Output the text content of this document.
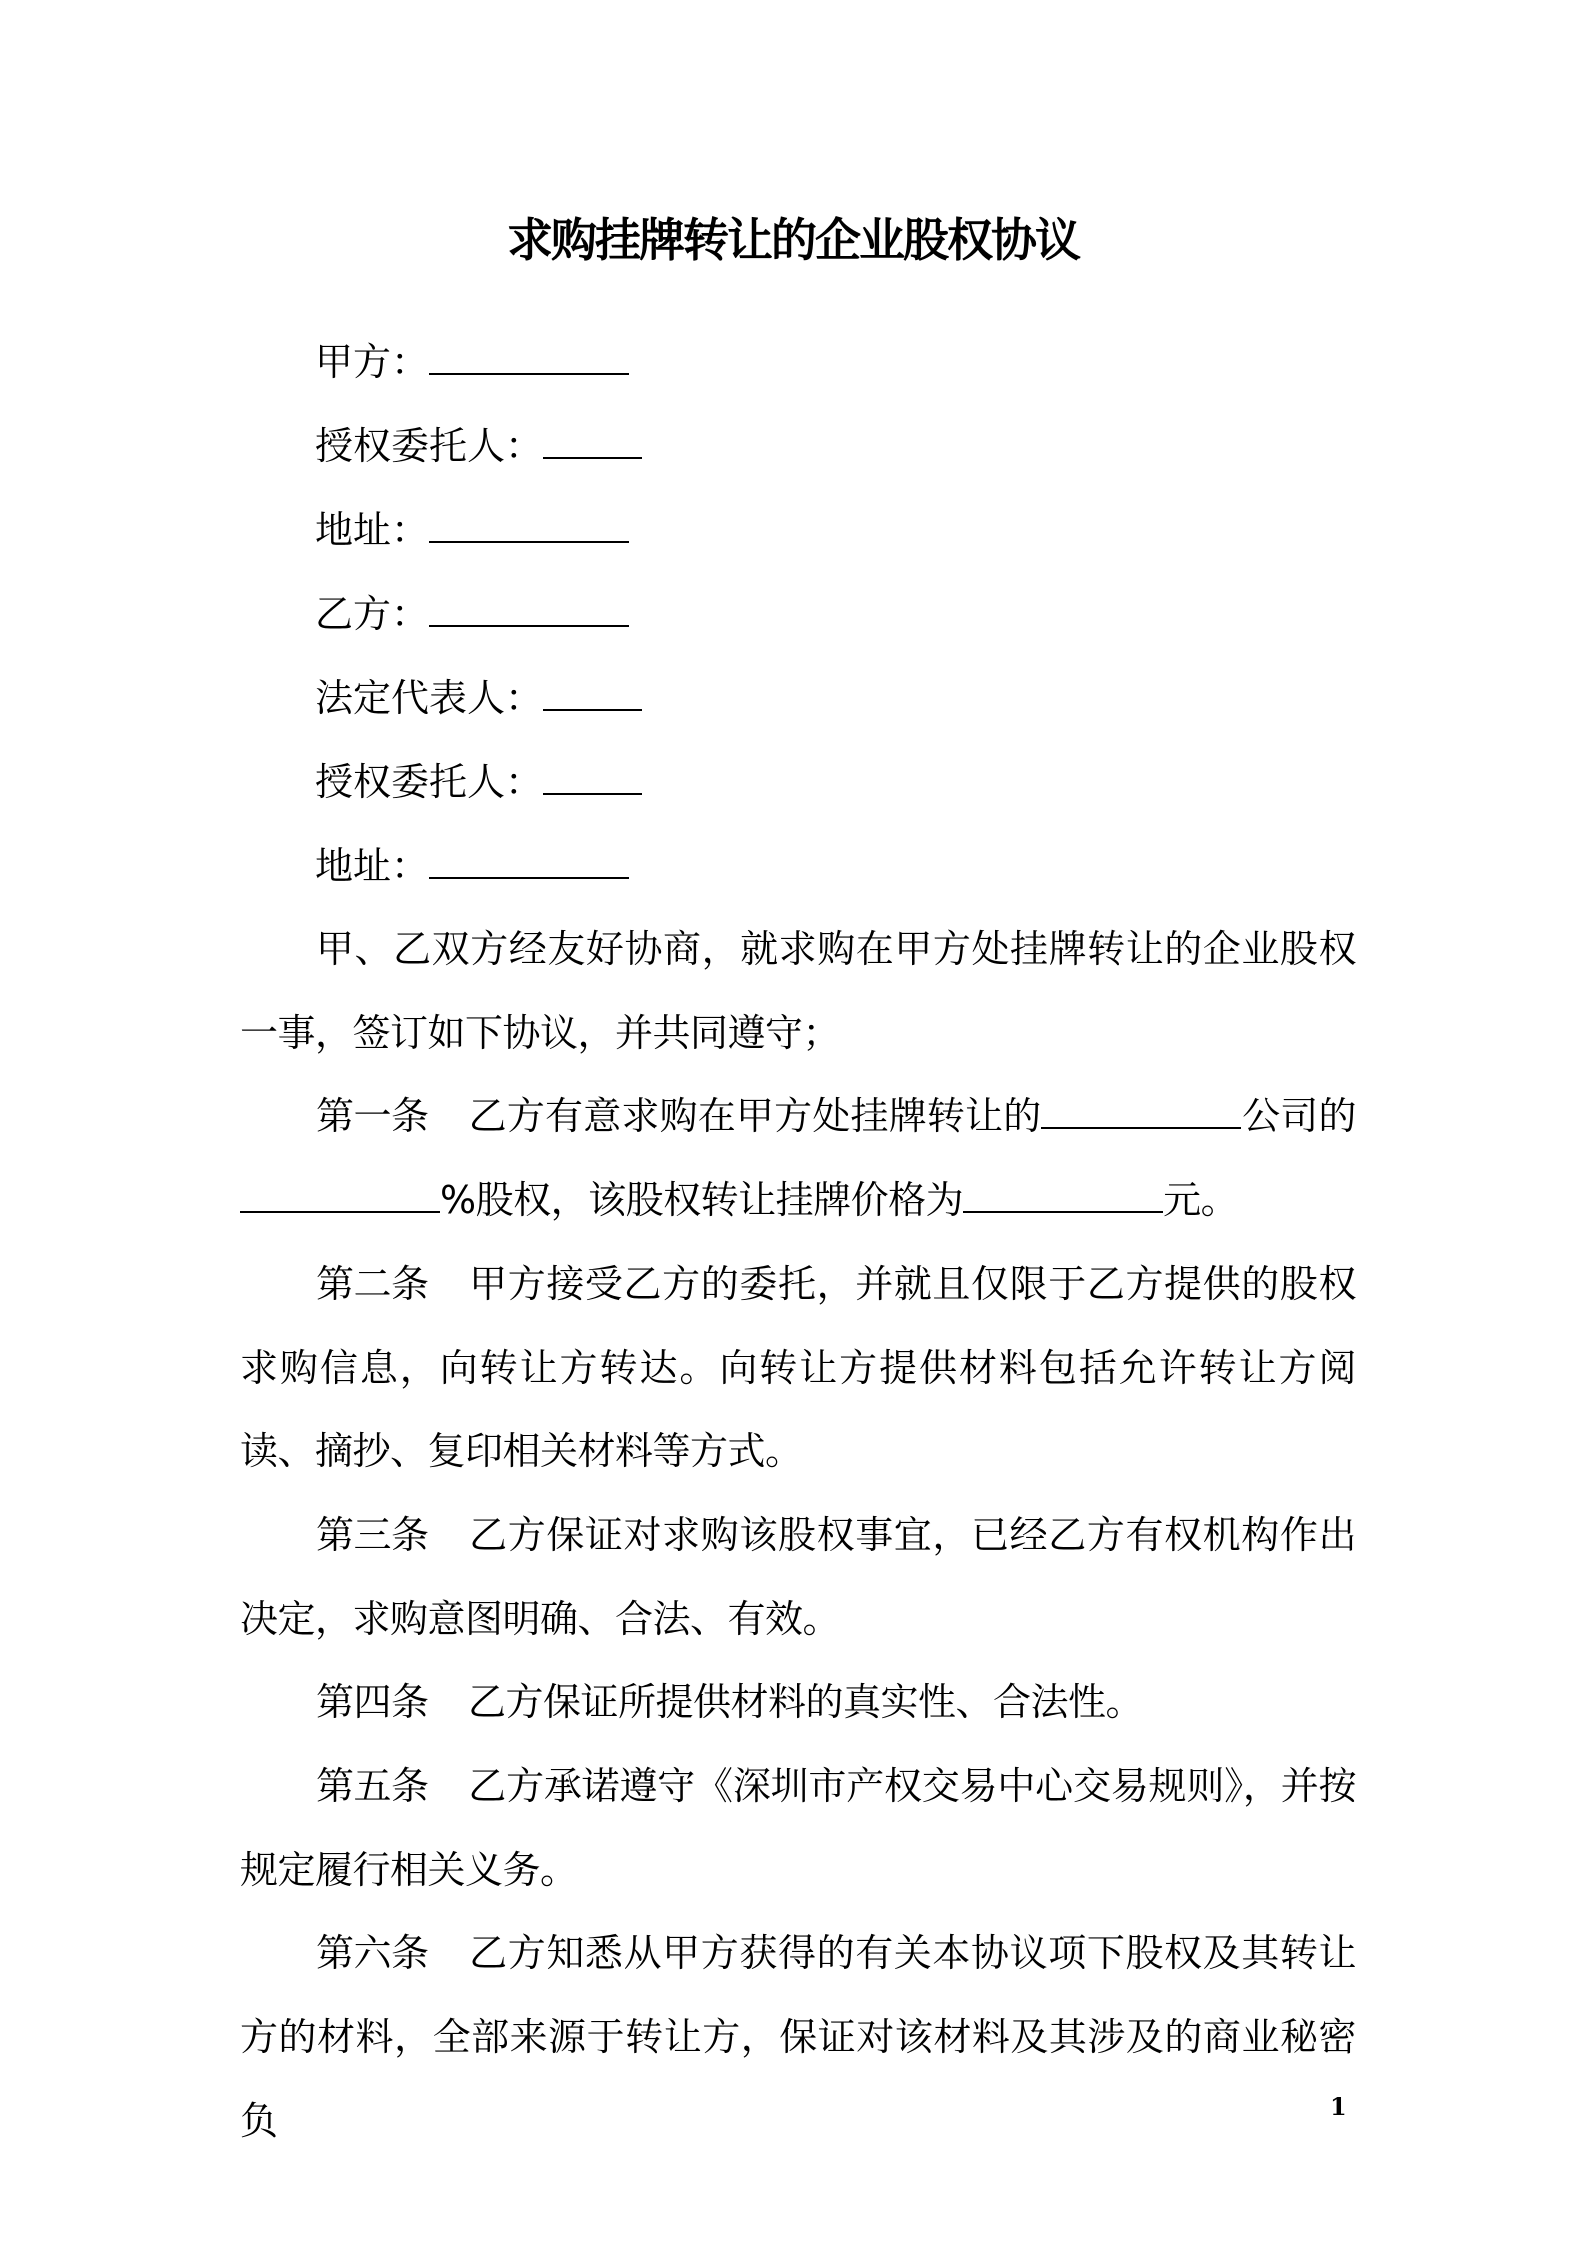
求购挂牌转让的企业股权协议
甲方：
授权委托人：
地址：
乙方：
法定代表人：
授权委托人：
地址：

甲、乙双方经友好协商，就求购在甲方处挂牌转让的企业股权一事，签订如下协议，并共同遵守；

第一条 乙方有意求购在甲方处挂牌转让的	公司的%股权，该股权转让挂牌价格为	元。

第二条 甲方接受乙方的委托，并就且仅限于乙方提供的股权求购信息，向转让方转达。向转让方提供材料包括允许转让方阅读、摘抄、复印相关材料等方式。

第三条 乙方保证对求购该股权事宜，已经乙方有权机构作出决定，求购意图明确、合法、有效。

第四条 乙方保证所提供材料的真实性、合法性。

第五条 乙方承诺遵守《深圳市产权交易中心交易规则》，并按规定履行相关义务。

第六条 乙方知悉从甲方获得的有关本协议项下股权及其转让方的材料，全部来源于转让方，保证对该材料及其涉及的商业秘密负	1
